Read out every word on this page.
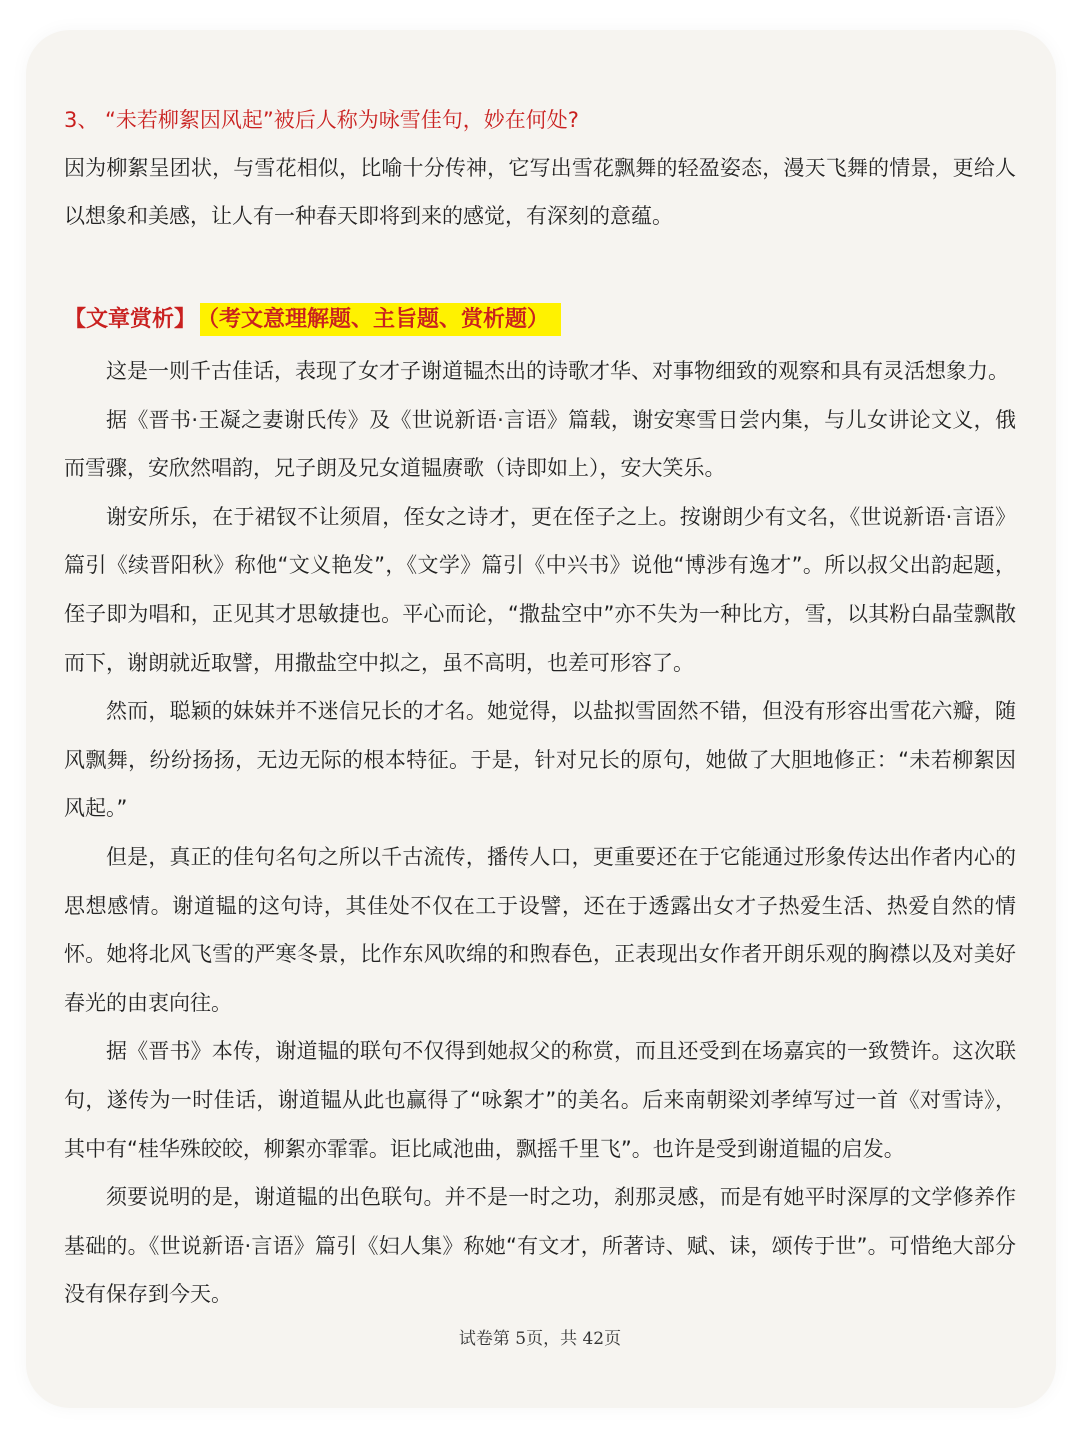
3、 “未若柳絮因风起”被后人称为咏雪佳句，妙在何处?

因为柳絮呈团状，与雪花相似，比喻十分传神，它写出雪花飘舞的轻盈姿态，漫天飞舞的情景，更给人以想象和美感，让人有一种春天即将到来的感觉，有深刻的意蕴。

【文章赏析】 （考文意理解题、主旨题、赏析题）

这是一则千古佳话，表现了女才子谢道韫杰出的诗歌才华、对事物细致的观察和具有灵活想象力。

据《晋书·王凝之妻谢氏传》及《世说新语·言语》篇载，谢安寒雪日尝内集，与儿女讲论文义，俄而雪骤，安欣然唱韵，兄子朗及兄女道韫赓歌（诗即如上），安大笑乐。

谢安所乐，在于裙钗不让须眉，侄女之诗才，更在侄子之上。按谢朗少有文名，《世说新语·言语》篇引《续晋阳秋》称他“文义艳发”，《文学》篇引《中兴书》说他“博涉有逸才”。所以叔父出韵起题，侄子即为唱和，正见其才思敏捷也。平心而论，“撒盐空中”亦不失为一种比方，雪，以其粉白晶莹飘散而下，谢朗就近取譬，用撒盐空中拟之，虽不高明，也差可形容了。

然而，聪颖的妹妹并不迷信兄长的才名。她觉得，以盐拟雪固然不错，但没有形容出雪花六瓣，随风飘舞，纷纷扬扬，无边无际的根本特征。于是，针对兄长的原句，她做了大胆地修正：“未若柳絮因风起。”

但是，真正的佳句名句之所以千古流传，播传人口，更重要还在于它能通过形象传达出作者内心的思想感情。谢道韫的这句诗，其佳处不仅在工于设譬，还在于透露出女才子热爱生活、热爱自然的情怀。她将北风飞雪的严寒冬景，比作东风吹绵的和煦春色，正表现出女作者开朗乐观的胸襟以及对美好春光的由衷向往。

据《晋书》本传，谢道韫的联句不仅得到她叔父的称赏，而且还受到在场嘉宾的一致赞许。这次联句，遂传为一时佳话，谢道韫从此也赢得了“咏絮才”的美名。后来南朝梁刘孝绰写过一首《对雪诗》，其中有“桂华殊皎皎，柳絮亦霏霏。讵比咸池曲，飘摇千里飞”。也许是受到谢道韫的启发。

须要说明的是，谢道韫的出色联句。并不是一时之功，刹那灵感，而是有她平时深厚的文学修养作基础的。《世说新语·言语》篇引《妇人集》称她“有文才，所著诗、赋、诔，颂传于世”。可惜绝大部分没有保存到今天。

试卷第 5页，共 42页
